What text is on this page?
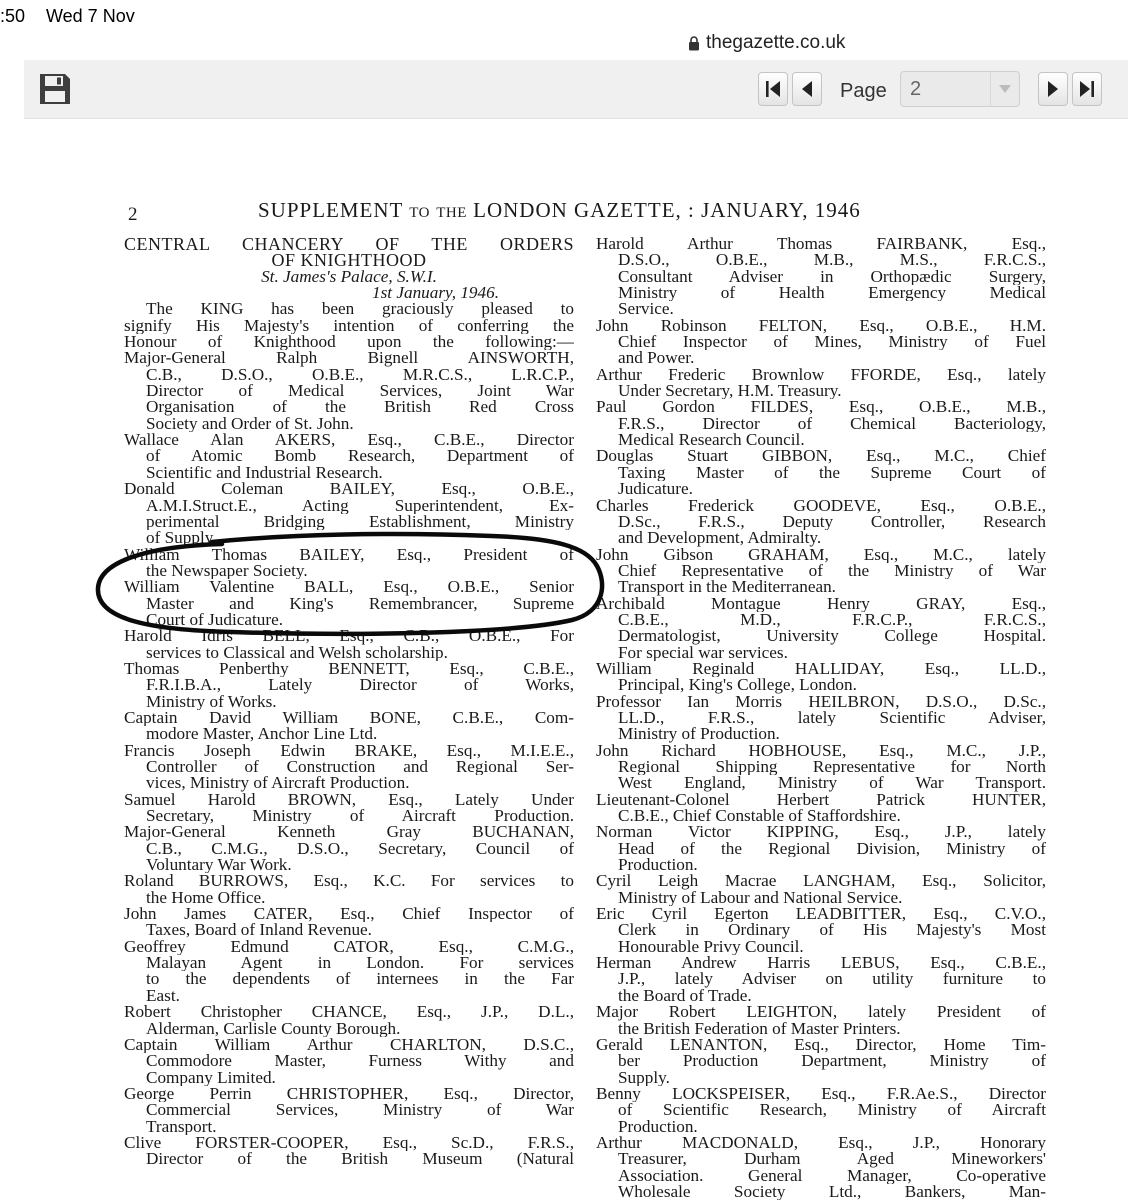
:50 Wed 7 Nov
thegazette.co.uk
Page 2
2	SUPPLEMENT TO THE LONDON GAZETTE, : JANUARY, 1946
CENTRAL CHANCERY OF THE ORDERS
OF KNIGHTHOOD
St. James's Palace, S.W.I.
1st January, 1946.
The KING has been graciously pleased to
signify His Majesty's intention of conferring the
Honour of Knighthood upon the following:—
Major-General Ralph Bignell AINSWORTH,
C.B., D.S.O., O.B.E., M.R.C.S., L.R.C.P.,
Director of Medical Services, Joint War
Organisation of the British Red Cross
Society and Order of St. John.
Wallace Alan AKERS, Esq., C.B.E., Director
of Atomic Bomb Research, Department of
Scientific and Industrial Research.
Donald Coleman BAILEY, Esq., O.B.E.,
A.M.I.Struct.E., Acting Superintendent, Ex-
perimental Bridging Establishment, Ministry
of Supply.
William Thomas BAILEY, Esq., President of
the Newspaper Society.
William Valentine BALL, Esq., O.B.E., Senior
Master and King's Remembrancer, Supreme
Court of Judicature.
Harold Idris BELL, Esq., C.B., O.B.E., For
services to Classical and Welsh scholarship.
Thomas Penberthy BENNETT, Esq., C.B.E.,
F.R.I.B.A., Lately Director of Works,
Ministry of Works.
Captain David William BONE, C.B.E., Com-
modore Master, Anchor Line Ltd.
Francis Joseph Edwin BRAKE, Esq., M.I.E.E.,
Controller of Construction and Regional Ser-
vices, Ministry of Aircraft Production.
Samuel Harold BROWN, Esq., Lately Under
Secretary, Ministry of Aircraft Production.
Major-General Kenneth Gray BUCHANAN,
C.B., C.M.G., D.S.O., Secretary, Council of
Voluntary War Work.
Roland BURROWS, Esq., K.C. For services to
the Home Office.
John James CATER, Esq., Chief Inspector of
Taxes, Board of Inland Revenue.
Geoffrey Edmund CATOR, Esq., C.M.G.,
Malayan Agent in London. For services
to the dependents of internees in the Far
East.
Robert Christopher CHANCE, Esq., J.P., D.L.,
Alderman, Carlisle County Borough.
Captain William Arthur CHARLTON, D.S.C.,
Commodore Master, Furness Withy and
Company Limited.
George Perrin CHRISTOPHER, Esq., Director,
Commercial Services, Ministry of War
Transport.
Clive FORSTER-COOPER, Esq., Sc.D., F.R.S.,
Director of the British Museum (Natural
Harold Arthur Thomas FAIRBANK, Esq.,
D.S.O., O.B.E., M.B., M.S., F.R.C.S.,
Consultant Adviser in Orthopædic Surgery,
Ministry of Health Emergency Medical
Service.
John Robinson FELTON, Esq., O.B.E., H.M.
Chief Inspector of Mines, Ministry of Fuel
and Power.
Arthur Frederic Brownlow FFORDE, Esq., lately
Under Secretary, H.M. Treasury.
Paul Gordon FILDES, Esq., O.B.E., M.B.,
F.R.S., Director of Chemical Bacteriology,
Medical Research Council.
Douglas Stuart GIBBON, Esq., M.C., Chief
Taxing Master of the Supreme Court of
Judicature.
Charles Frederick GOODEVE, Esq., O.B.E.,
D.Sc., F.R.S., Deputy Controller, Research
and Development, Admiralty.
John Gibson GRAHAM, Esq., M.C., lately
Chief Representative of the Ministry of War
Transport in the Mediterranean.
Archibald Montague Henry GRAY, Esq.,
C.B.E., M.D., F.R.C.P., F.R.C.S.,
Dermatologist, University College Hospital.
For special war services.
William Reginald HALLIDAY, Esq., LL.D.,
Principal, King's College, London.
Professor Ian Morris HEILBRON, D.S.O., D.Sc.,
LL.D., F.R.S., lately Scientific Adviser,
Ministry of Production.
John Richard HOBHOUSE, Esq., M.C., J.P.,
Regional Shipping Representative for North
West England, Ministry of War Transport.
Lieutenant-Colonel Herbert Patrick HUNTER,
C.B.E., Chief Constable of Staffordshire.
Norman Victor KIPPING, Esq., J.P., lately
Head of the Regional Division, Ministry of
Production.
Cyril Leigh Macrae LANGHAM, Esq., Solicitor,
Ministry of Labour and National Service.
Eric Cyril Egerton LEADBITTER, Esq., C.V.O.,
Clerk in Ordinary of His Majesty's Most
Honourable Privy Council.
Herman Andrew Harris LEBUS, Esq., C.B.E.,
J.P., lately Adviser on utility furniture to
the Board of Trade.
Major Robert LEIGHTON, lately President of
the British Federation of Master Printers.
Gerald LENANTON, Esq., Director, Home Tim-
ber Production Department, Ministry of
Supply.
Benny LOCKSPEISER, Esq., F.R.Ae.S., Director
of Scientific Research, Ministry of Aircraft
Production.
Arthur MACDONALD, Esq., J.P., Honorary
Treasurer, Durham Aged Mineworkers'
Association. General Manager, Co-operative
Wholesale Society Ltd., Bankers, Man-
